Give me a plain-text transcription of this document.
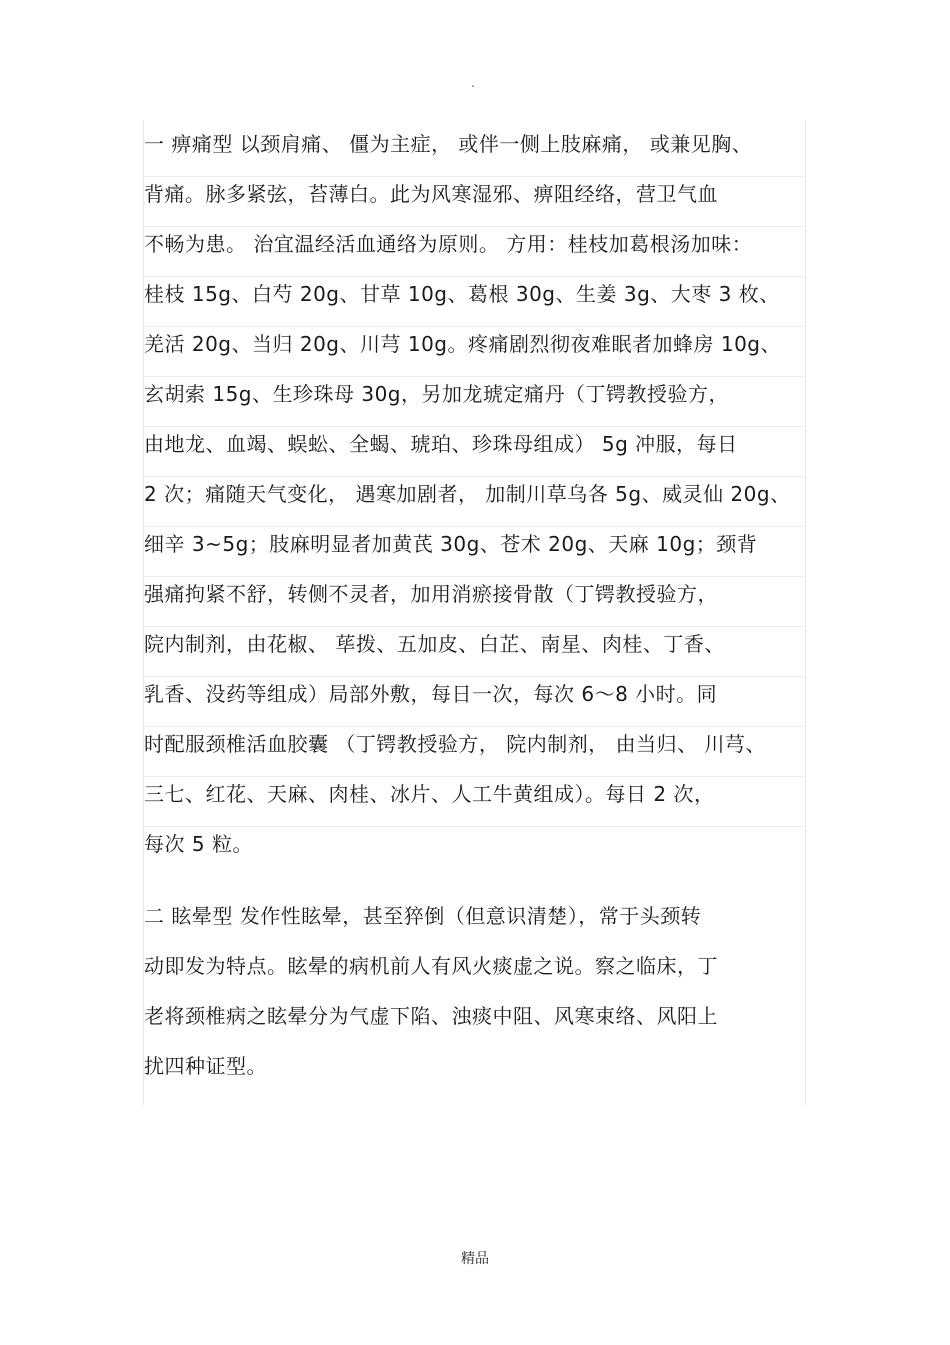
.
一 痹痛型 以颈肩痛、 僵为主症， 或伴一侧上肢麻痛， 或兼见胸、
背痛。脉多紧弦，苔薄白。此为风寒湿邪、痹阻经络，营卫气血
不畅为患。 治宜温经活血通络为原则。 方用：桂枝加葛根汤加味：
桂枝 15g、白芍 20g、甘草 10g、葛根 30g、生姜 3g、大枣 3 枚、
羌活 20g、当归 20g、川芎 10g。疼痛剧烈彻夜难眠者加蜂房 10g、
玄胡索 15g、生珍珠母 30g，另加龙琥定痛丹（丁锷教授验方，
由地龙、血竭、蜈蚣、全蝎、琥珀、珍珠母组成） 5g 冲服，每日
2 次；痛随天气变化， 遇寒加剧者， 加制川草乌各 5g、威灵仙 20g、
细辛 3~5g；肢麻明显者加黄芪 30g、苍术 20g、天麻 10g；颈背
强痛拘紧不舒，转侧不灵者，加用消瘀接骨散（丁锷教授验方，
院内制剂，由花椒、 荜拨、五加皮、白芷、南星、肉桂、丁香、
乳香、没药等组成）局部外敷，每日一次，每次 6～8 小时。同
时配服颈椎活血胶囊 （丁锷教授验方， 院内制剂， 由当归、 川芎、
三七、红花、天麻、肉桂、冰片、人工牛黄组成）。每日 2 次，
每次 5 粒。
二 眩晕型 发作性眩晕，甚至猝倒（但意识清楚），常于头颈转
动即发为特点。眩晕的病机前人有风火痰虚之说。察之临床，丁
老将颈椎病之眩晕分为气虚下陷、浊痰中阻、风寒束络、风阳上
扰四种证型。
精品
